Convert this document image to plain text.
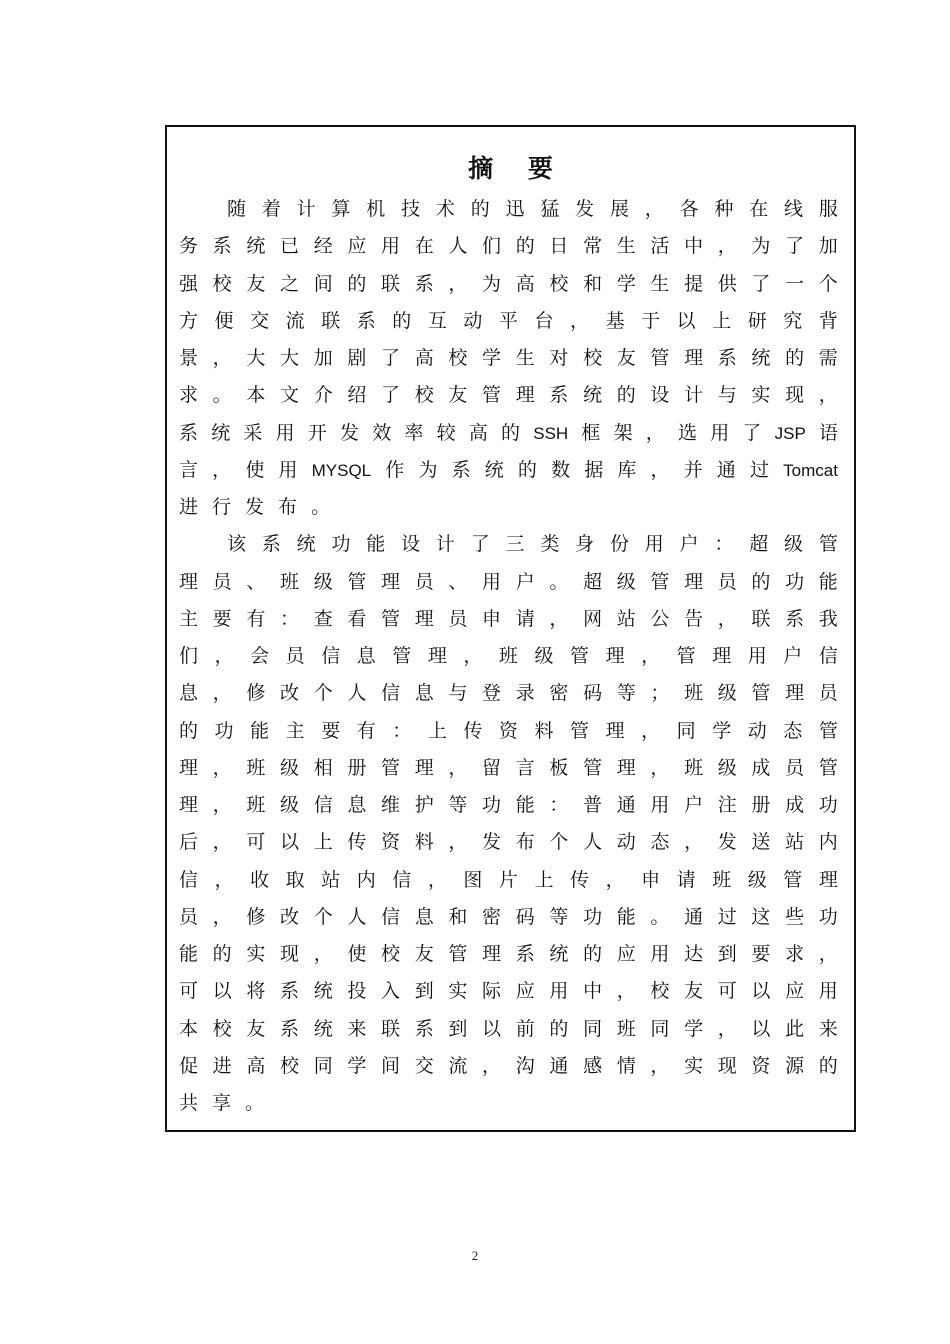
摘    要
随 着 计 算 机 技 术 的 迅 猛 发 展 ， 各 种 在 线 服
务 系 统 已 经 应 用 在 人 们 的 日 常 生 活 中 ， 为 了 加
强 校 友 之 间 的 联 系 ， 为 高 校 和 学 生 提 供 了 一 个
方 便 交 流 联 系 的 互 动 平 台 ， 基 于 以 上 研 究 背
景 ， 大 大 加 剧 了 高 校 学 生 对 校 友 管 理 系 统 的 需
求 。 本 文 介 绍 了 校 友 管 理 系 统 的 设 计 与 实 现 ，
系 统 采 用 开 发 效 率 较 高 的 SSH 框 架 ， 选 用 了 JSP 语
言 ， 使 用 MYSQL 作 为 系 统 的 数 据 库 ， 并 通 过 Tomcat
进 行 发 布 。
该 系 统 功 能 设 计 了 三 类 身 份 用 户 ： 超 级 管
理 员 、 班 级 管 理 员 、 用 户 。 超 级 管 理 员 的 功 能
主 要 有 ： 查 看 管 理 员 申 请 ， 网 站 公 告 ， 联 系 我
们 ， 会 员 信 息 管 理 ， 班 级 管 理 ， 管 理 用 户 信
息 ， 修 改 个 人 信 息 与 登 录 密 码 等 ； 班 级 管 理 员
的 功 能 主 要 有 ： 上 传 资 料 管 理 ， 同 学 动 态 管
理 ， 班 级 相 册 管 理 ， 留 言 板 管 理 ， 班 级 成 员 管
理 ， 班 级 信 息 维 护 等 功 能 ： 普 通 用 户 注 册 成 功
后 ， 可 以 上 传 资 料 ， 发 布 个 人 动 态 ， 发 送 站 内
信 ， 收 取 站 内 信 ， 图 片 上 传 ， 申 请 班 级 管 理
员 ， 修 改 个 人 信 息 和 密 码 等 功 能 。 通 过 这 些 功
能 的 实 现 ， 使 校 友 管 理 系 统 的 应 用 达 到 要 求 ，
可 以 将 系 统 投 入 到 实 际 应 用 中 ， 校 友 可 以 应 用
本 校 友 系 统 来 联 系 到 以 前 的 同 班 同 学 ， 以 此 来
促 进 高 校 同 学 间 交 流 ， 沟 通 感 情 ， 实 现 资 源 的
共 享 。
2
